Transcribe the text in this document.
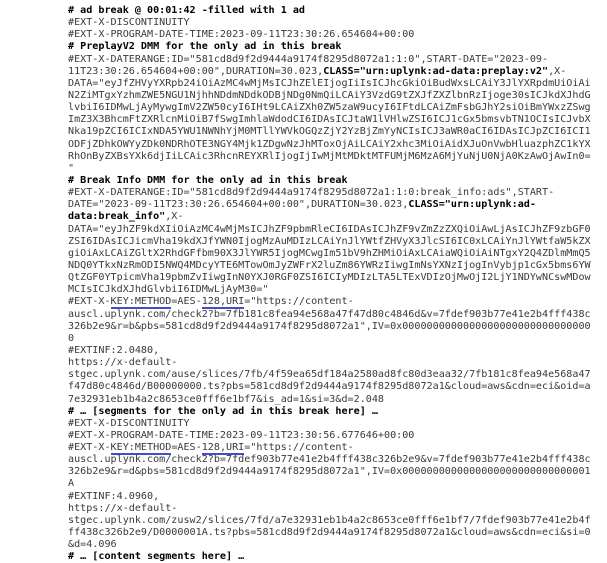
# ad break @ 00:01:42 -filled with 1 ad
#EXT-X-DISCONTINUITY
#EXT-X-PROGRAM-DATE-TIME:2023-09-11T23:30:26.654604+00:00
# PreplayV2 DMM for the only ad in this break
#EXT-X-DATERANGE:ID="581cd8d9f2d9444a9174f8295d8072a1:1:0",START-DATE="2023-09-
11T23:30:26.654604+00:00",DURATION=30.023,CLASS="urn:uplynk:ad-data:preplay:v2",X-
DATA="eyJfZHVyYXRpb24iOiAzMC4wMjMsICJhZElEIjogIiIsICJhcGkiOiBudWxsLCAiY3JlYXRpdmUiOiAi
N2ZiMTgxYzhmZWE5NGU1NjhhNDdmNDdkODBjNDg0NmQiLCAiY3VzdG9tZXJfZXZlbnRzIjoge30sICJkdXJhdG
lvbiI6IDMwLjAyMywgImV2ZW50cyI6IHt9LCAiZXh0ZW5zaW9ucyI6IFtdLCAiZmFsbGJhY2siOiBmYWxzZSwg
ImZ3X3BhcmFtZXRlcnMiOiB7fSwgImhlaWdodCI6IDAsICJtaW1lVHlwZSI6ICJ1cGx5bmsvbTN1OCIsICJvbX
Nka19pZCI6ICIxNDA5YWU1NWNhYjM0MTllYWVkOGQzZjY2YzBjZmYyNCIsICJ3aWR0aCI6IDAsICJpZCI6ICI1
ODFjZDhkOWYyZDk0NDRhOTE3NGY4Mjk1ZDgwNzJhMToxOjAiLCAiY2xhc3MiOiAidXJuOnVwbHluazphZC1kYX
RhOnByZXBsYXk6djIiLCAic3RhcnREYXRlIjogIjIwMjMtMDktMTFUMjM6MzA6MjYuNjU0NjA0KzAwOjAwIn0=
"
# Break Info DMM for the only ad in this break
#EXT-X-DATERANGE:ID="581cd8d9f2d9444a9174f8295d8072a1:1:0:break_info:ads",START-
DATE="2023-09-11T23:30:26.654604+00:00",DURATION=30.023,CLASS="urn:uplynk:ad-
data:break_info",X-
DATA="eyJhZF9kdXIiOiAzMC4wMjMsICJhZF9pbmRleCI6IDAsICJhZF9vZmZzZXQiOiAwLjAsICJhZF9zbGF0
ZSI6IDAsICJicmVha19kdXJfYWN0IjogMzAuMDIzLCAiYnJlYWtfZHVyX3JlcSI6IC0xLCAiYnJlYWtfaW5kZX
giOiAxLCAiZGltX2RhdGFfbm90X3JlYWR5IjogMCwgIm51bV9hZHMiOiAxLCAiaWQiOiAiNTgxY2Q4ZDlmMmQ5
NDQ0YTkxNzRmODI5NWQ4MDcyYTE6MTowOmJyZWFrX2luZm86YWRzIiwgImNsYXNzIjogInVybjp1cGx5bms6YW
QtZGF0YTpicmVha19pbmZvIiwgInN0YXJ0RGF0ZSI6ICIyMDIzLTA5LTExVDIzOjMwOjI2LjY1NDYwNCswMDow
MCIsICJkdXJhdGlvbiI6IDMwLjAyM30="
#EXT-X-KEY:METHOD=AES-128,URI="https://content-
auscl.uplynk.com/check2?b=7fb181c8fea94e568a47f47d80c4846d&v=7fdef903b77e41e2b4fff438c
326b2e9&r=b&pbs=581cd8d9f2d9444a9174f8295d8072a1",IV=0x0000000000000000000000000000000
0
#EXTINF:2.0480,
https://x-default-
stgec.uplynk.com/ause/slices/7fb/4f59ea65df184a2580ad8fc80d3eaa32/7fb181c8fea94e568a47
f47d80c4846d/B00000000.ts?pbs=581cd8d9f2d9444a9174f8295d8072a1&cloud=aws&cdn=eci&oid=a
7e32931eb1b4a2c8653ce0fff6e1bf7&is_ad=1&si=3&d=2.048
# … [segments for the only ad in this break here] …
#EXT-X-DISCONTINUITY
#EXT-X-PROGRAM-DATE-TIME:2023-09-11T23:30:56.677646+00:00
#EXT-X-KEY:METHOD=AES-128,URI="https://content-
auscl.uplynk.com/check2?b=7fdef903b77e41e2b4fff438c326b2e9&v=7fdef903b77e41e2b4fff438c
326b2e9&r=d&pbs=581cd8d9f2d9444a9174f8295d8072a1",IV=0x0000000000000000000000000000001
A
#EXTINF:4.0960,
https://x-default-
stgec.uplynk.com/zusw2/slices/7fd/a7e32931eb1b4a2c8653ce0fff6e1bf7/7fdef903b77e41e2b4f
ff438c326b2e9/D0000001A.ts?pbs=581cd8d9f2d9444a9174f8295d8072a1&cloud=aws&cdn=eci&si=0
&d=4.096
# … [content segments here] …
